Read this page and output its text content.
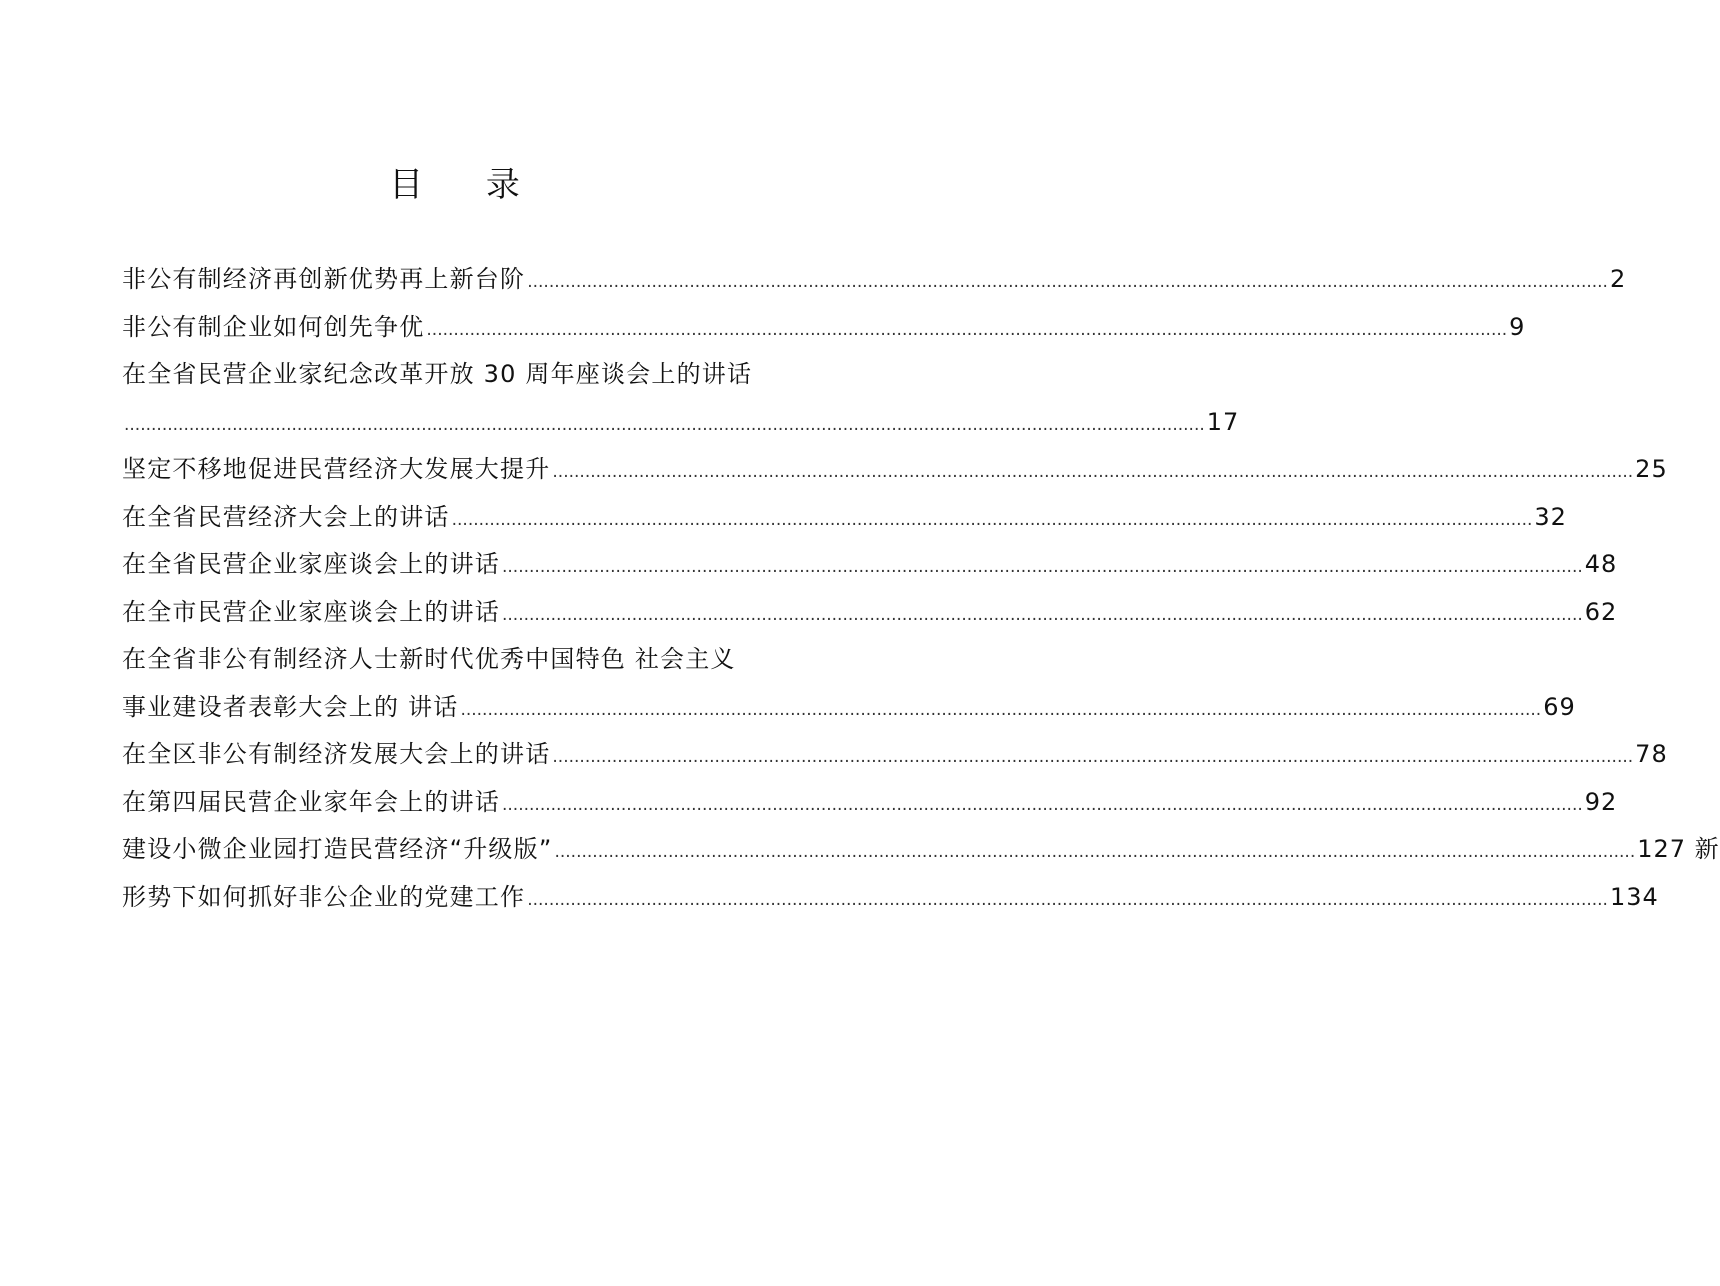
目 录
非公有制经济再创新优势再上新台阶 ........................................................................................................................................................................................................ 2
非公有制企业如何创先争优 ........................................................................................................................................................................................................ 9
在全省民营企业家纪念改革开放 30 周年座谈会上的讲话
........................................................................................................................................................................................................ 17
坚定不移地促进民营经济大发展大提升 ........................................................................................................................................................................................................ 25
在全省民营经济大会上的讲话 ........................................................................................................................................................................................................ 32
在全省民营企业家座谈会上的讲话 ........................................................................................................................................................................................................ 48
在全市民营企业家座谈会上的讲话 ........................................................................................................................................................................................................ 62
在全省非公有制经济人士新时代优秀中国特色 社会主义
事业建设者表彰大会上的 讲话 ........................................................................................................................................................................................................ 69
在全区非公有制经济发展大会上的讲话 ........................................................................................................................................................................................................ 78
在第四届民营企业家年会上的讲话 ........................................................................................................................................................................................................ 92
建设小微企业园打造民营经济“升级版” ........................................................................................................................................................................................................ 127 新
形势下如何抓好非公企业的党建工作 ........................................................................................................................................................................................................ 134
